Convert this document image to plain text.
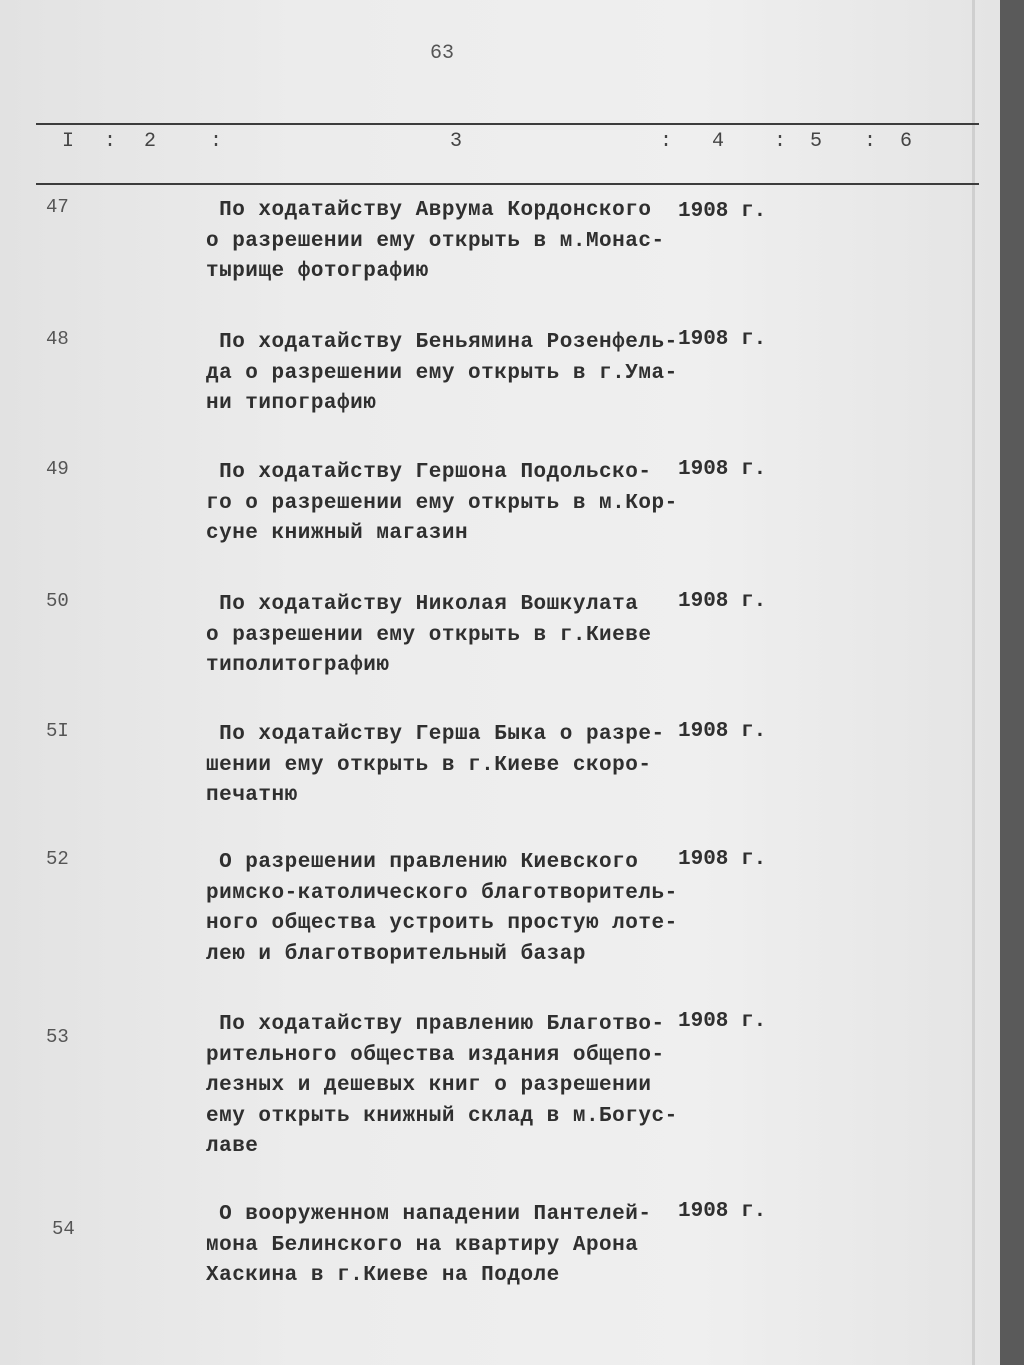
63
I : 2	:	3	: 4 : 5 : 6
47	По ходатайству Аврума Кордонского
о разрешении ему открыть в м.Монас-
тырище фотографию
1908 г.
48	По ходатайству Беньямина Розенфель-
да о разрешении ему открыть в г.Ума-
ни типографию
1908 г.
49	По ходатайству Гершона Подольско-
го о разрешении ему открыть в м.Кор-
суне книжный магазин
1908 г.
50	По ходатайству Николая Вошкулата
о разрешении ему открыть в г.Киеве
типолитографию
1908 г.
5I	По ходатайству Герша Быка о разре-
шении ему открыть в г.Киеве скоро-
печатню
1908 г.
52	О разрешении правлению Киевского
римско-католического благотворитель-
ного общества устроить простую лоте-
лею и благотворительный базар
1908 г.
53
По ходатайству правлению Благотво-
рительного общества издания общепо-
лезных и дешевых книг о разрешении
ему открыть книжный склад в м.Богус-
лаве
1908 г.
54
О вооруженном нападении Пантелей-
мона Белинского на квартиру Арона
Хаскина в г.Киеве на Подоле
1908 г.
